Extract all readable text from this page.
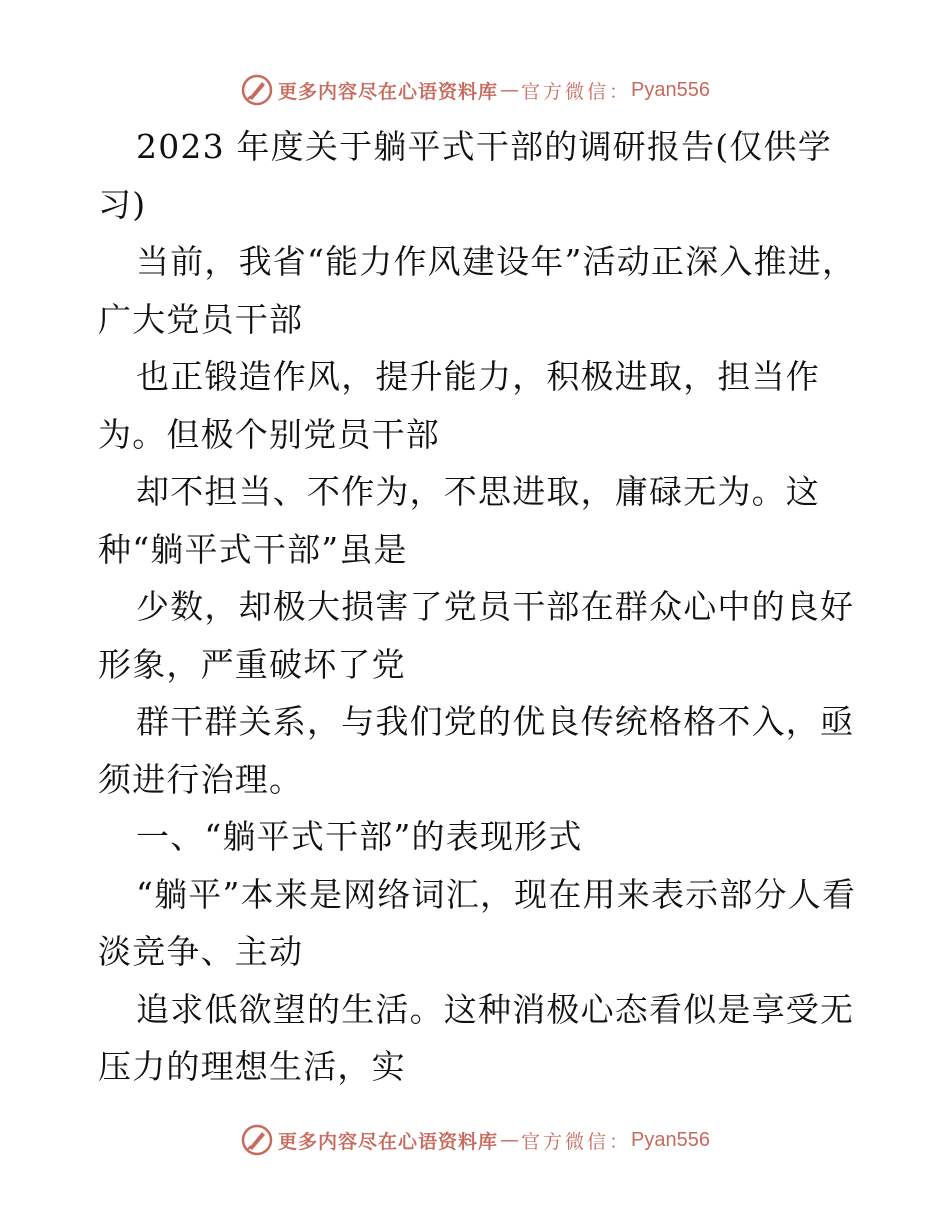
更多内容尽在心语资料库 — 官方微信： Pyan556

2023 年度关于躺平式干部的调研报告(仅供学习)

当前，我省“能力作风建设年”活动正深入推进，广大党员干部

也正锻造作风，提升能力，积极进取，担当作为。但极个别党员干部

却不担当、不作为，不思进取，庸碌无为。这种“躺平式干部”虽是

少数，却极大损害了党员干部在群众心中的良好形象，严重破坏了党

群干群关系，与我们党的优良传统格格不入，亟须进行治理。

一、“躺平式干部”的表现形式

“躺平”本来是网络词汇，现在用来表示部分人看淡竞争、主动

追求低欲望的生活。这种消极心态看似是享受无压力的理想生活，实

更多内容尽在心语资料库 — 官方微信： Pyan556
